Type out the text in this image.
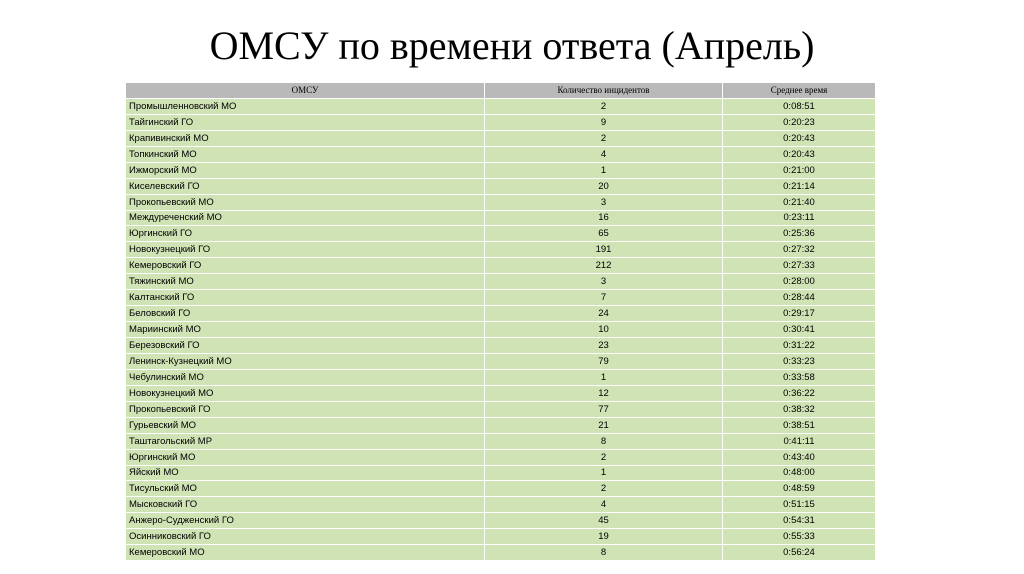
ОМСУ по времени ответа (Апрель)
ОМСУ	Количество инцидентов	Среднее время
Промышленновский МО	2	0:08:51
Тайгинский ГО	9	0:20:23
Крапивинский МО	2	0:20:43
Топкинский МО	4	0:20:43
Ижморский МО	1	0:21:00
Киселевский ГО	20	0:21:14
Прокопьевский МО	3	0:21:40
Междуреченский МО	16	0:23:11
Юргинский ГО	65	0:25:36
Новокузнецкий ГО	191	0:27:32
Кемеровский ГО	212	0:27:33
Тяжинский МО	3	0:28:00
Калтанский ГО	7	0:28:44
Беловский ГО	24	0:29:17
Мариинский МО	10	0:30:41
Березовский ГО	23	0:31:22
Ленинск-Кузнецкий МО	79	0:33:23
Чебулинский МО	1	0:33:58
Новокузнецкий МО	12	0:36:22
Прокопьевский ГО	77	0:38:32
Гурьевский МО	21	0:38:51
Таштагольский МР	8	0:41:11
Юргинский МО	2	0:43:40
Яйский МО	1	0:48:00
Тисульский МО	2	0:48:59
Мысковский ГО	4	0:51:15
Анжеро-Судженский ГО	45	0:54:31
Осинниковский ГО	19	0:55:33
Кемеровский МО	8	0:56:24
